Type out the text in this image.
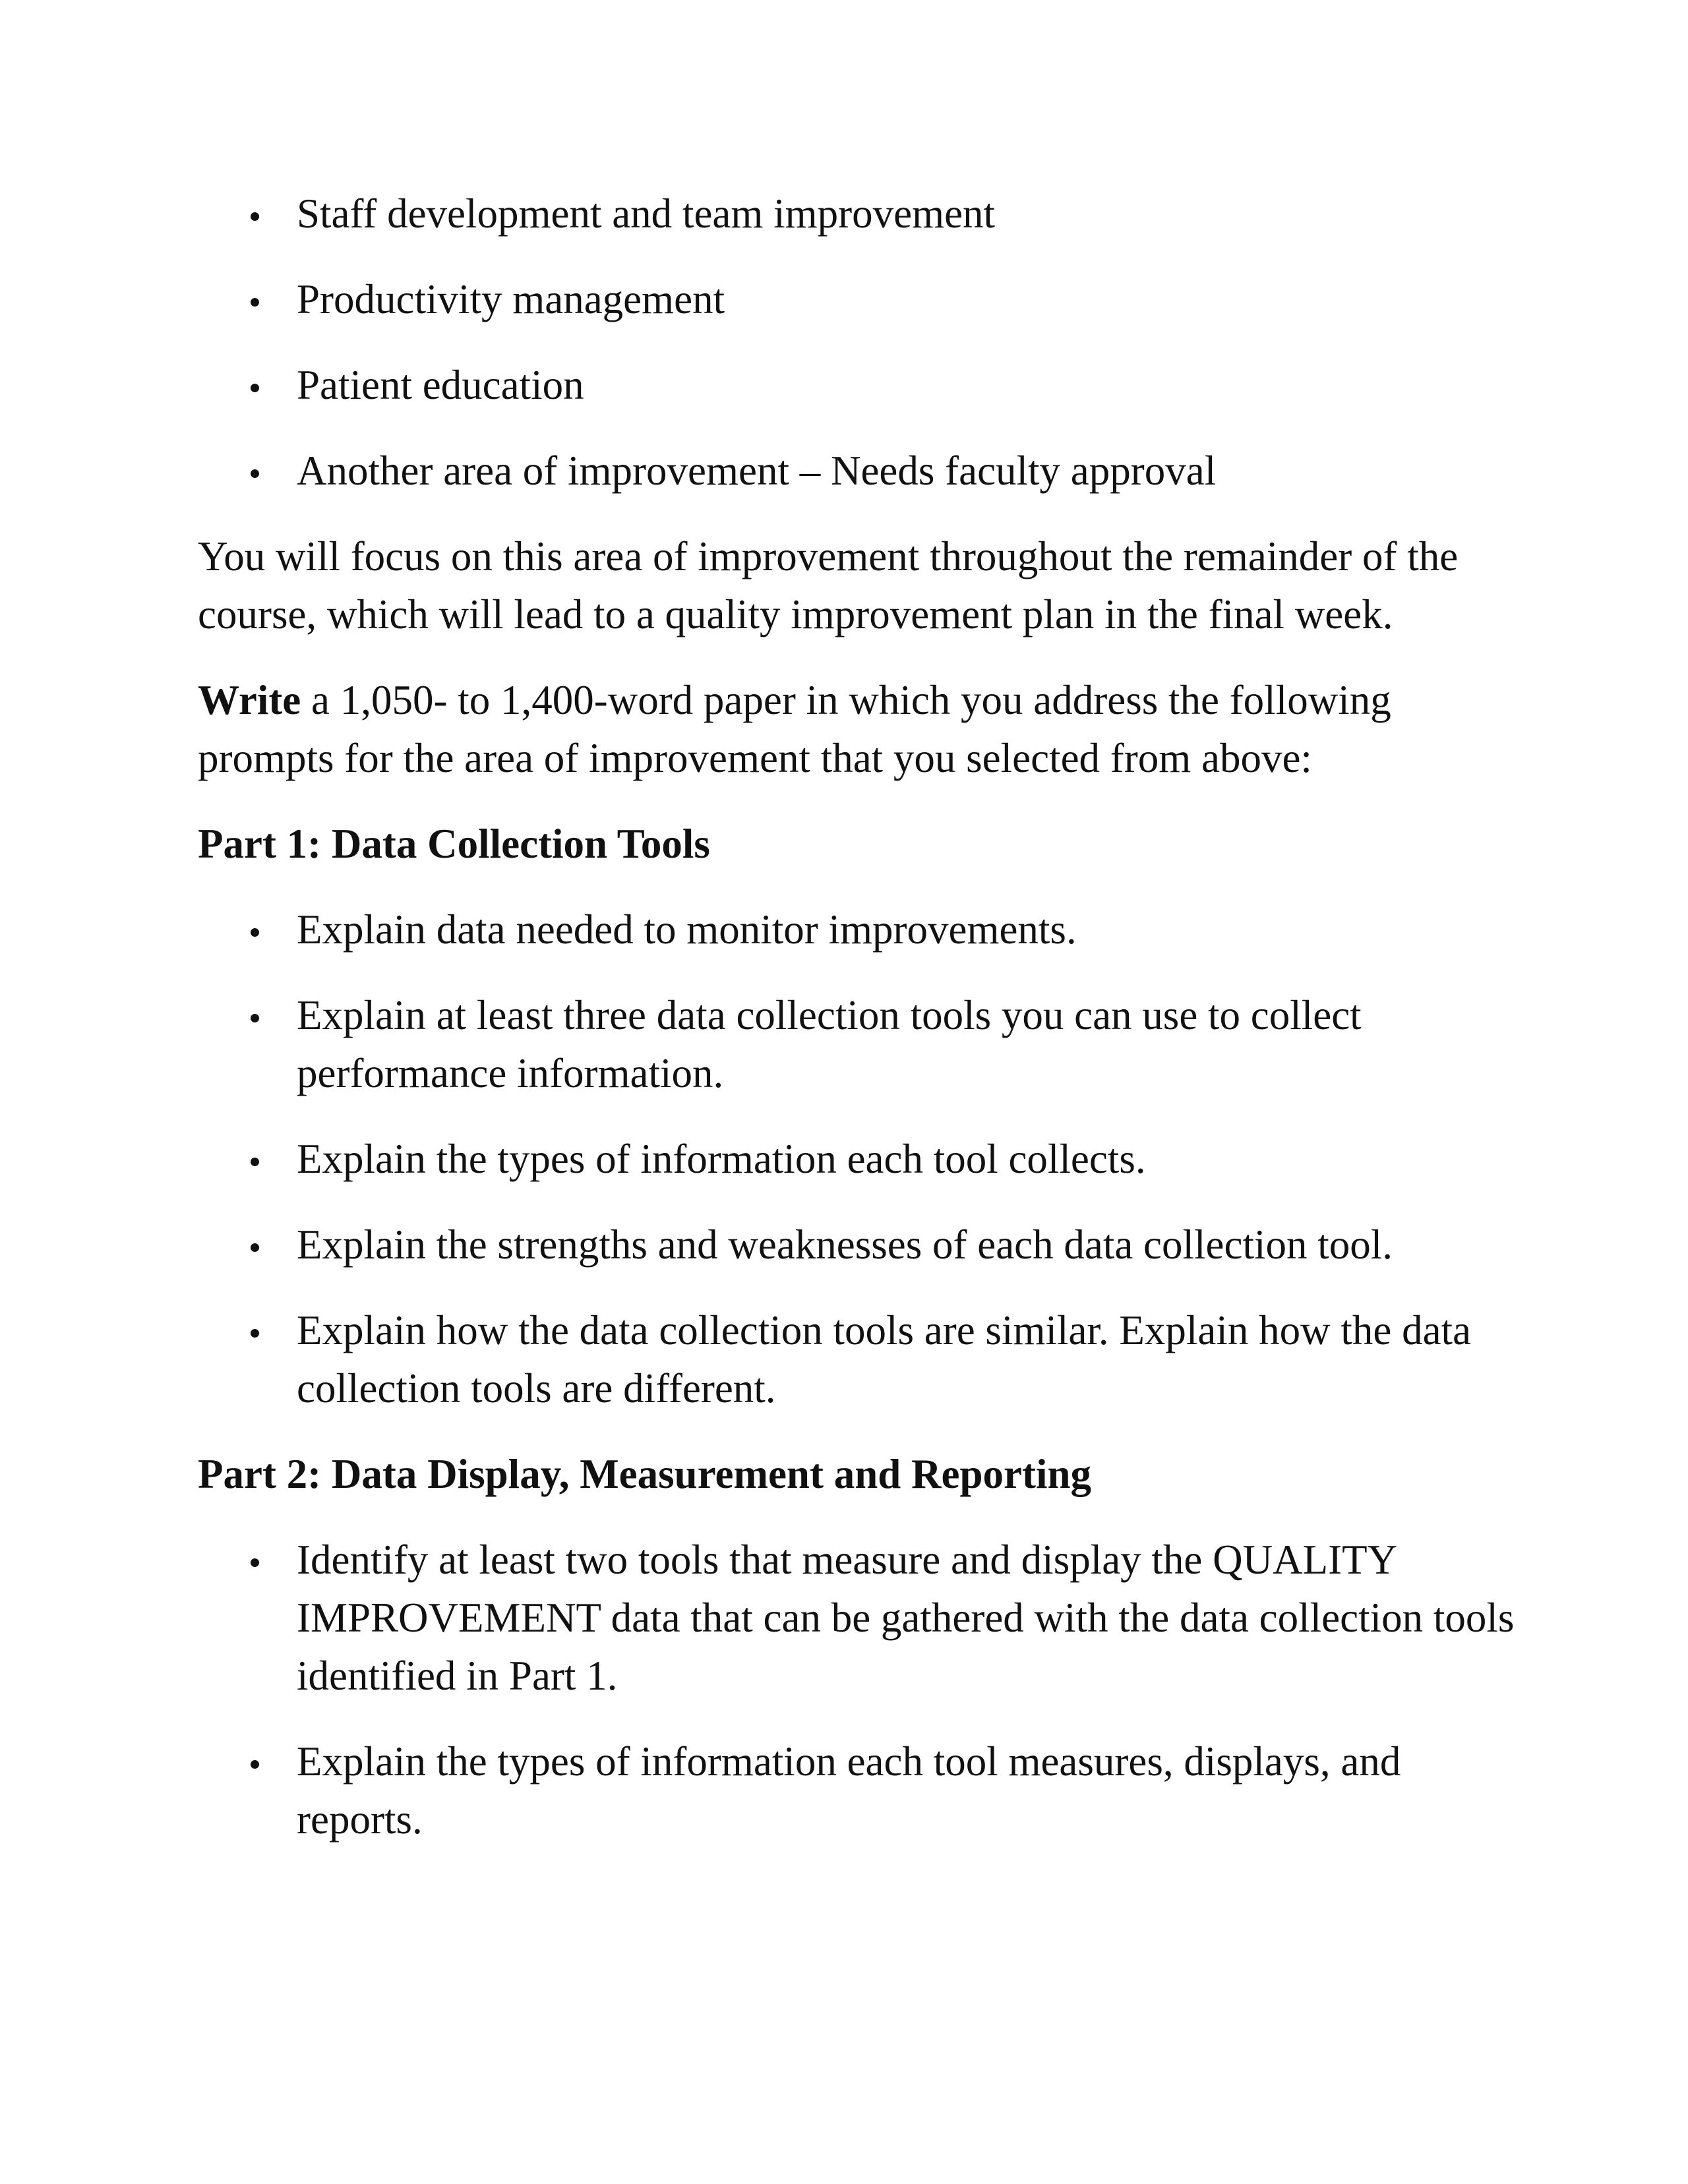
Staff development and team improvement
Productivity management
Patient education
Another area of improvement – Needs faculty approval

You will focus on this area of improvement throughout the remainder of the course, which will lead to a quality improvement plan in the final week.

Write a 1,050- to 1,400-word paper in which you address the following prompts for the area of improvement that you selected from above:

Part 1: Data Collection Tools
Explain data needed to monitor improvements.
Explain at least three data collection tools you can use to collect performance information.
Explain the types of information each tool collects.
Explain the strengths and weaknesses of each data collection tool.
Explain how the data collection tools are similar. Explain how the data collection tools are different.
Part 2: Data Display, Measurement and Reporting
Identify at least two tools that measure and display the QUALITY IMPROVEMENT data that can be gathered with the data collection tools identified in Part 1.
Explain the types of information each tool measures, displays, and reports.
